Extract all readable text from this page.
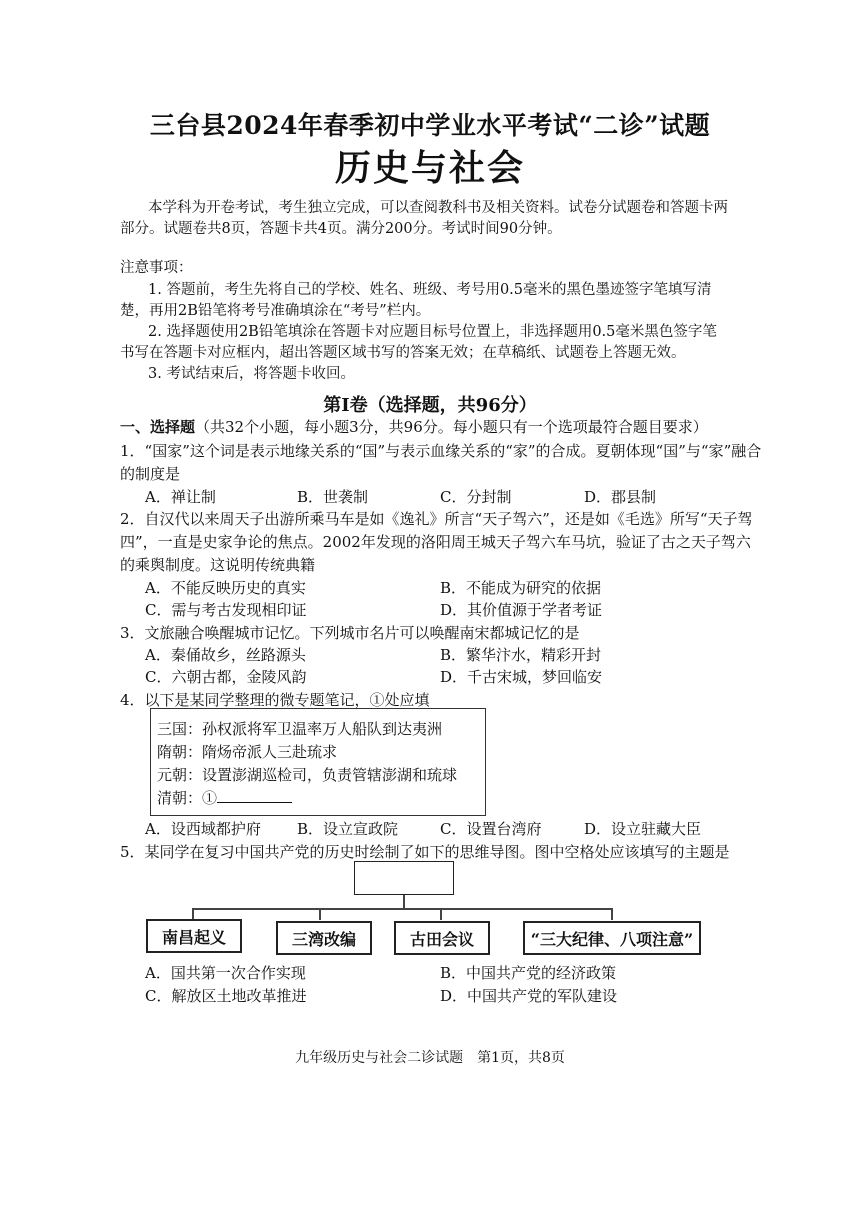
三台县2024年春季初中学业水平考试“二诊”试题
历史与社会
本学科为开卷考试，考生独立完成，可以查阅教科书及相关资料。试卷分试题卷和答题卡两
部分。试题卷共8页，答题卡共4页。满分200分。考试时间90分钟。
注意事项：
1. 答题前，考生先将自己的学校、姓名、班级、考号用0.5毫米的黑色墨迹签字笔填写清
楚，再用2B铅笔将考号准确填涂在“考号”栏内。
2. 选择题使用2B铅笔填涂在答题卡对应题目标号位置上，非选择题用0.5毫米黑色签字笔
书写在答题卡对应框内，超出答题区域书写的答案无效；在草稿纸、试题卷上答题无效。
3. 考试结束后，将答题卡收回。
第Ⅰ卷（选择题，共96分）
一、选择题（共32个小题，每小题3分，共96分。每小题只有一个选项最符合题目要求）
1．“国家”这个词是表示地缘关系的“国”与表示血缘关系的“家”的合成。夏朝体现“国”与“家”融合
的制度是
A．禅让制	B．世袭制	C．分封制	D．郡县制
2．自汉代以来周天子出游所乘马车是如《逸礼》所言“天子驾六”，还是如《毛选》所写“天子驾
四”，一直是史家争论的焦点。2002年发现的洛阳周王城天子驾六车马坑，验证了古之天子驾六
的乘舆制度。这说明传统典籍
A．不能反映历史的真实	B．不能成为研究的依据
C．需与考古发现相印证	D．其价值源于学者考证
3．文旅融合唤醒城市记忆。下列城市名片可以唤醒南宋都城记忆的是
A．秦俑故乡，丝路源头	B．繁华汴水，精彩开封
C．六朝古都，金陵风韵	D．千古宋城，梦回临安
4．以下是某同学整理的微专题笔记，①处应填
三国：孙权派将军卫温率万人船队到达夷洲
隋朝：隋炀帝派人三赴琉求
元朝：设置澎湖巡检司，负责管辖澎湖和琉球
清朝：①
A．设西域都护府 B．设立宣政院	C．设置台湾府	D．设立驻藏大臣
5．某同学在复习中国共产党的历史时绘制了如下的思维导图。图中空格处应该填写的主题是
南昌起义	三湾改编	古田会议	“三大纪律、八项注意”
A．国共第一次合作实现	B．中国共产党的经济政策
C．解放区土地改革推进	D．中国共产党的军队建设
九年级历史与社会二诊试题　第1页，共8页
